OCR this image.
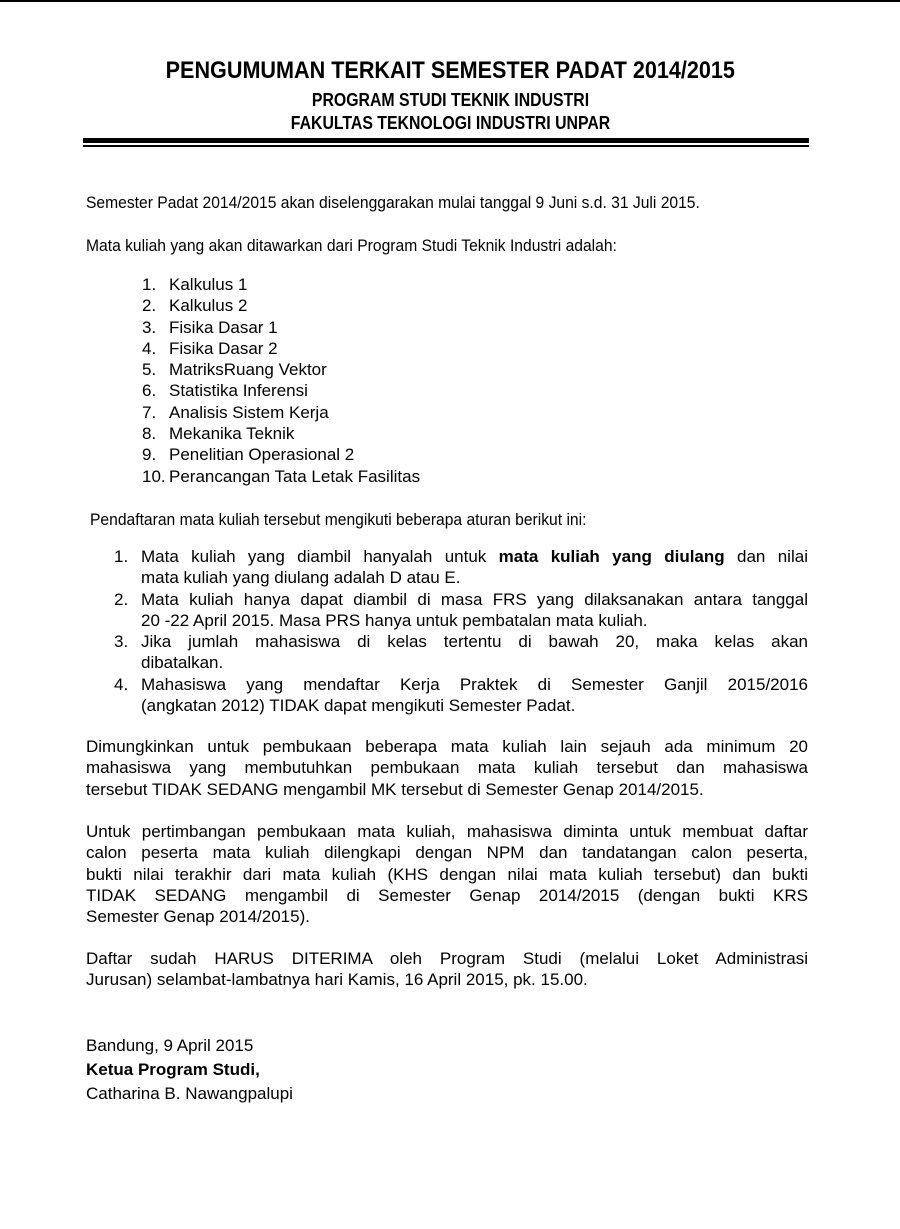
PENGUMUMAN TERKAIT SEMESTER PADAT 2014/2015
PROGRAM STUDI TEKNIK INDUSTRI
FAKULTAS TEKNOLOGI INDUSTRI UNPAR
Semester Padat 2014/2015 akan diselenggarakan mulai tanggal 9 Juni s.d. 31 Juli 2015.
Mata kuliah yang akan ditawarkan dari Program Studi Teknik Industri adalah:
1. Kalkulus 1
2. Kalkulus 2
3. Fisika Dasar 1
4. Fisika Dasar 2
5. MatriksRuang Vektor
6. Statistika Inferensi
7. Analisis Sistem Kerja
8. Mekanika Teknik
9. Penelitian Operasional 2
10. Perancangan Tata Letak Fasilitas
Pendaftaran mata kuliah tersebut mengikuti beberapa aturan berikut ini:
1. Mata kuliah yang diambil hanyalah untuk mata kuliah yang diulang dan nilai
mata kuliah yang diulang adalah D atau E.
2. Mata kuliah hanya dapat diambil di masa FRS yang dilaksanakan antara tanggal
20 -22 April 2015. Masa PRS hanya untuk pembatalan mata kuliah.
3. Jika jumlah mahasiswa di kelas tertentu di bawah 20, maka kelas akan
dibatalkan.
4. Mahasiswa yang mendaftar Kerja Praktek di Semester Ganjil 2015/2016
(angkatan 2012) TIDAK dapat mengikuti Semester Padat.
Dimungkinkan untuk pembukaan beberapa mata kuliah lain sejauh ada minimum 20
mahasiswa yang membutuhkan pembukaan mata kuliah tersebut dan mahasiswa
tersebut TIDAK SEDANG mengambil MK tersebut di Semester Genap 2014/2015.
Untuk pertimbangan pembukaan mata kuliah, mahasiswa diminta untuk membuat daftar
calon peserta mata kuliah dilengkapi dengan NPM dan tandatangan calon peserta,
bukti nilai terakhir dari mata kuliah (KHS dengan nilai mata kuliah tersebut) dan bukti
TIDAK SEDANG mengambil di Semester Genap 2014/2015 (dengan bukti KRS
Semester Genap 2014/2015).
Daftar sudah HARUS DITERIMA oleh Program Studi (melalui Loket Administrasi
Jurusan) selambat-lambatnya hari Kamis, 16 April 2015, pk. 15.00.
Bandung, 9 April 2015
Ketua Program Studi,
Catharina B. Nawangpalupi
